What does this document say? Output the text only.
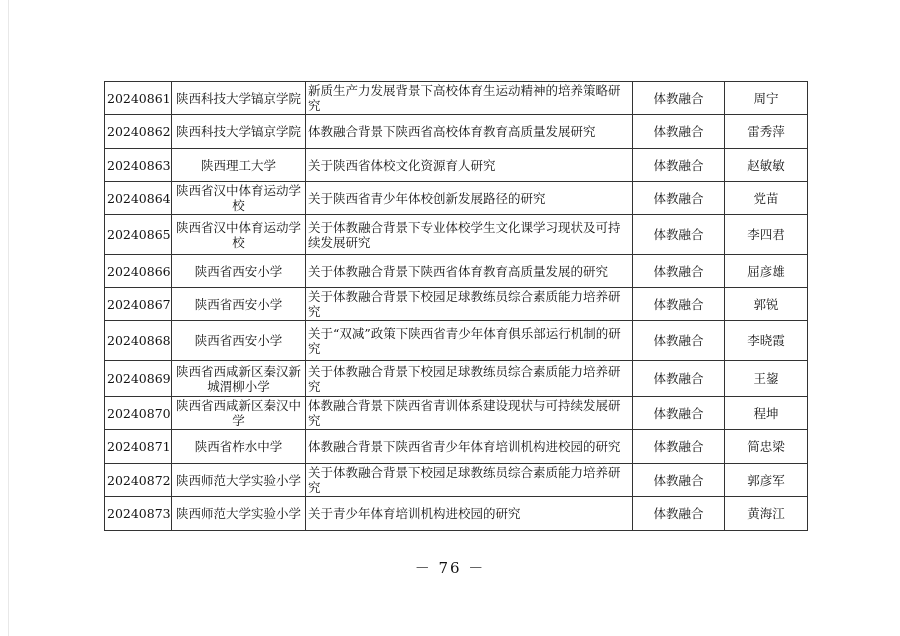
20240861	陕西科技大学镐京学院	新质生产力发展背景下高校体育生运动精神的培养策略研究	体教融合	周宁
20240862	陕西科技大学镐京学院	体教融合背景下陕西省高校体育教育高质量发展研究	体教融合	雷秀萍
20240863	陕西理工大学	关于陕西省体校文化资源育人研究	体教融合	赵敏敏
20240864	陕西省汉中体育运动学校	关于陕西省青少年体校创新发展路径的研究	体教融合	党苗
20240865	陕西省汉中体育运动学校	关于体教融合背景下专业体校学生文化课学习现状及可持续发展研究	体教融合	李四君
20240866	陕西省西安小学	关于体教融合背景下陕西省体育教育高质量发展的研究	体教融合	屈彦雄
20240867	陕西省西安小学	关于体教融合背景下校园足球教练员综合素质能力培养研究	体教融合	郭锐
20240868	陕西省西安小学	关于“双减”政策下陕西省青少年体育俱乐部运行机制的研究	体教融合	李晓霞
20240869	陕西省西咸新区秦汉新城渭柳小学	关于体教融合背景下校园足球教练员综合素质能力培养研究	体教融合	王鋆
20240870	陕西省西咸新区秦汉中学	体教融合背景下陕西省青训体系建设现状与可持续发展研究	体教融合	程坤
20240871	陕西省柞水中学	体教融合背景下陕西省青少年体育培训机构进校园的研究	体教融合	简忠梁
20240872	陕西师范大学实验小学	关于体教融合背景下校园足球教练员综合素质能力培养研究	体教融合	郭彦军
20240873	陕西师范大学实验小学	关于青少年体育培训机构进校园的研究	体教融合	黄海江
－ 76 －
